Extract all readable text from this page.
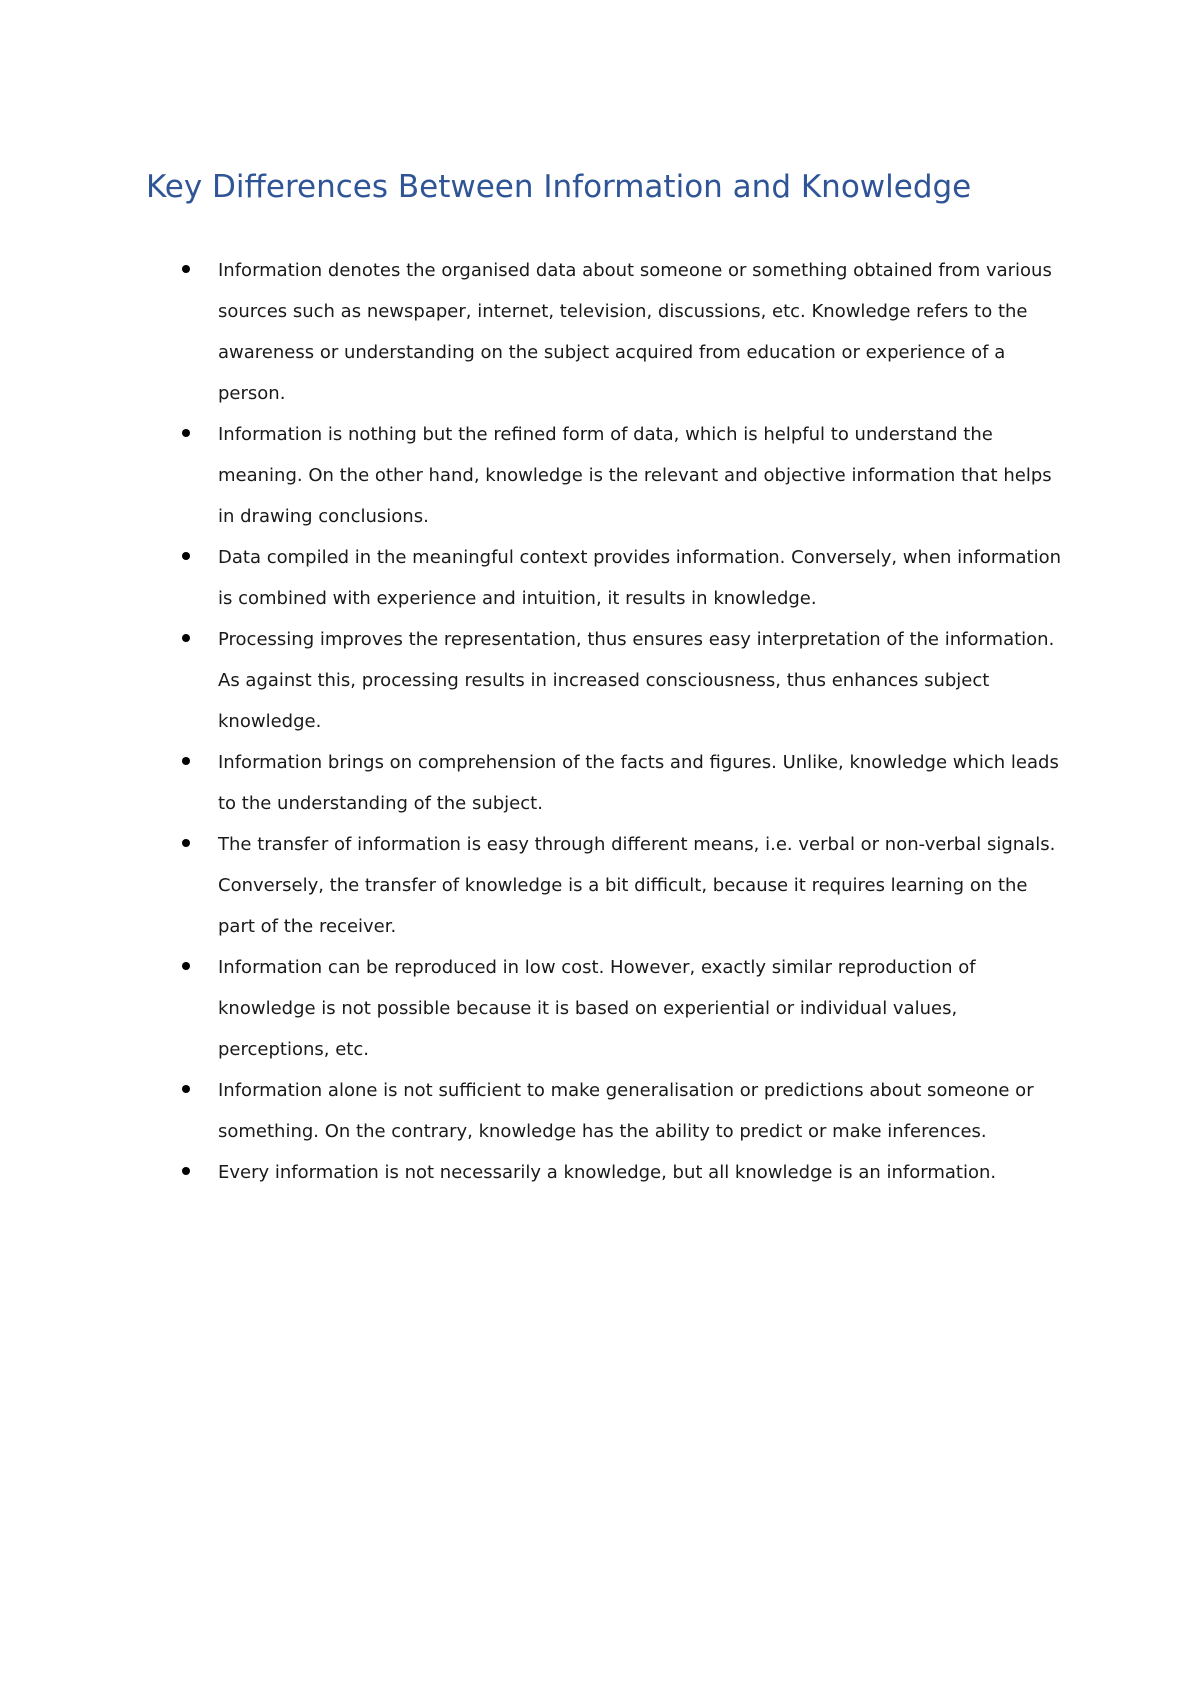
Key Differences Between Information and Knowledge
Information denotes the organised data about someone or something obtained from various sources such as newspaper, internet, television, discussions, etc. Knowledge refers to the awareness or understanding on the subject acquired from education or experience of a person.
Information is nothing but the refined form of data, which is helpful to understand the meaning. On the other hand, knowledge is the relevant and objective information that helps in drawing conclusions.
Data compiled in the meaningful context provides information. Conversely, when information is combined with experience and intuition, it results in knowledge.
Processing improves the representation, thus ensures easy interpretation of the information. As against this, processing results in increased consciousness, thus enhances subject knowledge.
Information brings on comprehension of the facts and figures. Unlike, knowledge which leads to the understanding of the subject.
The transfer of information is easy through different means, i.e. verbal or non-verbal signals. Conversely, the transfer of knowledge is a bit difficult, because it requires learning on the part of the receiver.
Information can be reproduced in low cost. However, exactly similar reproduction of knowledge is not possible because it is based on experiential or individual values, perceptions, etc.
Information alone is not sufficient to make generalisation or predictions about someone or something. On the contrary, knowledge has the ability to predict or make inferences.
Every information is not necessarily a knowledge, but all knowledge is an information.
